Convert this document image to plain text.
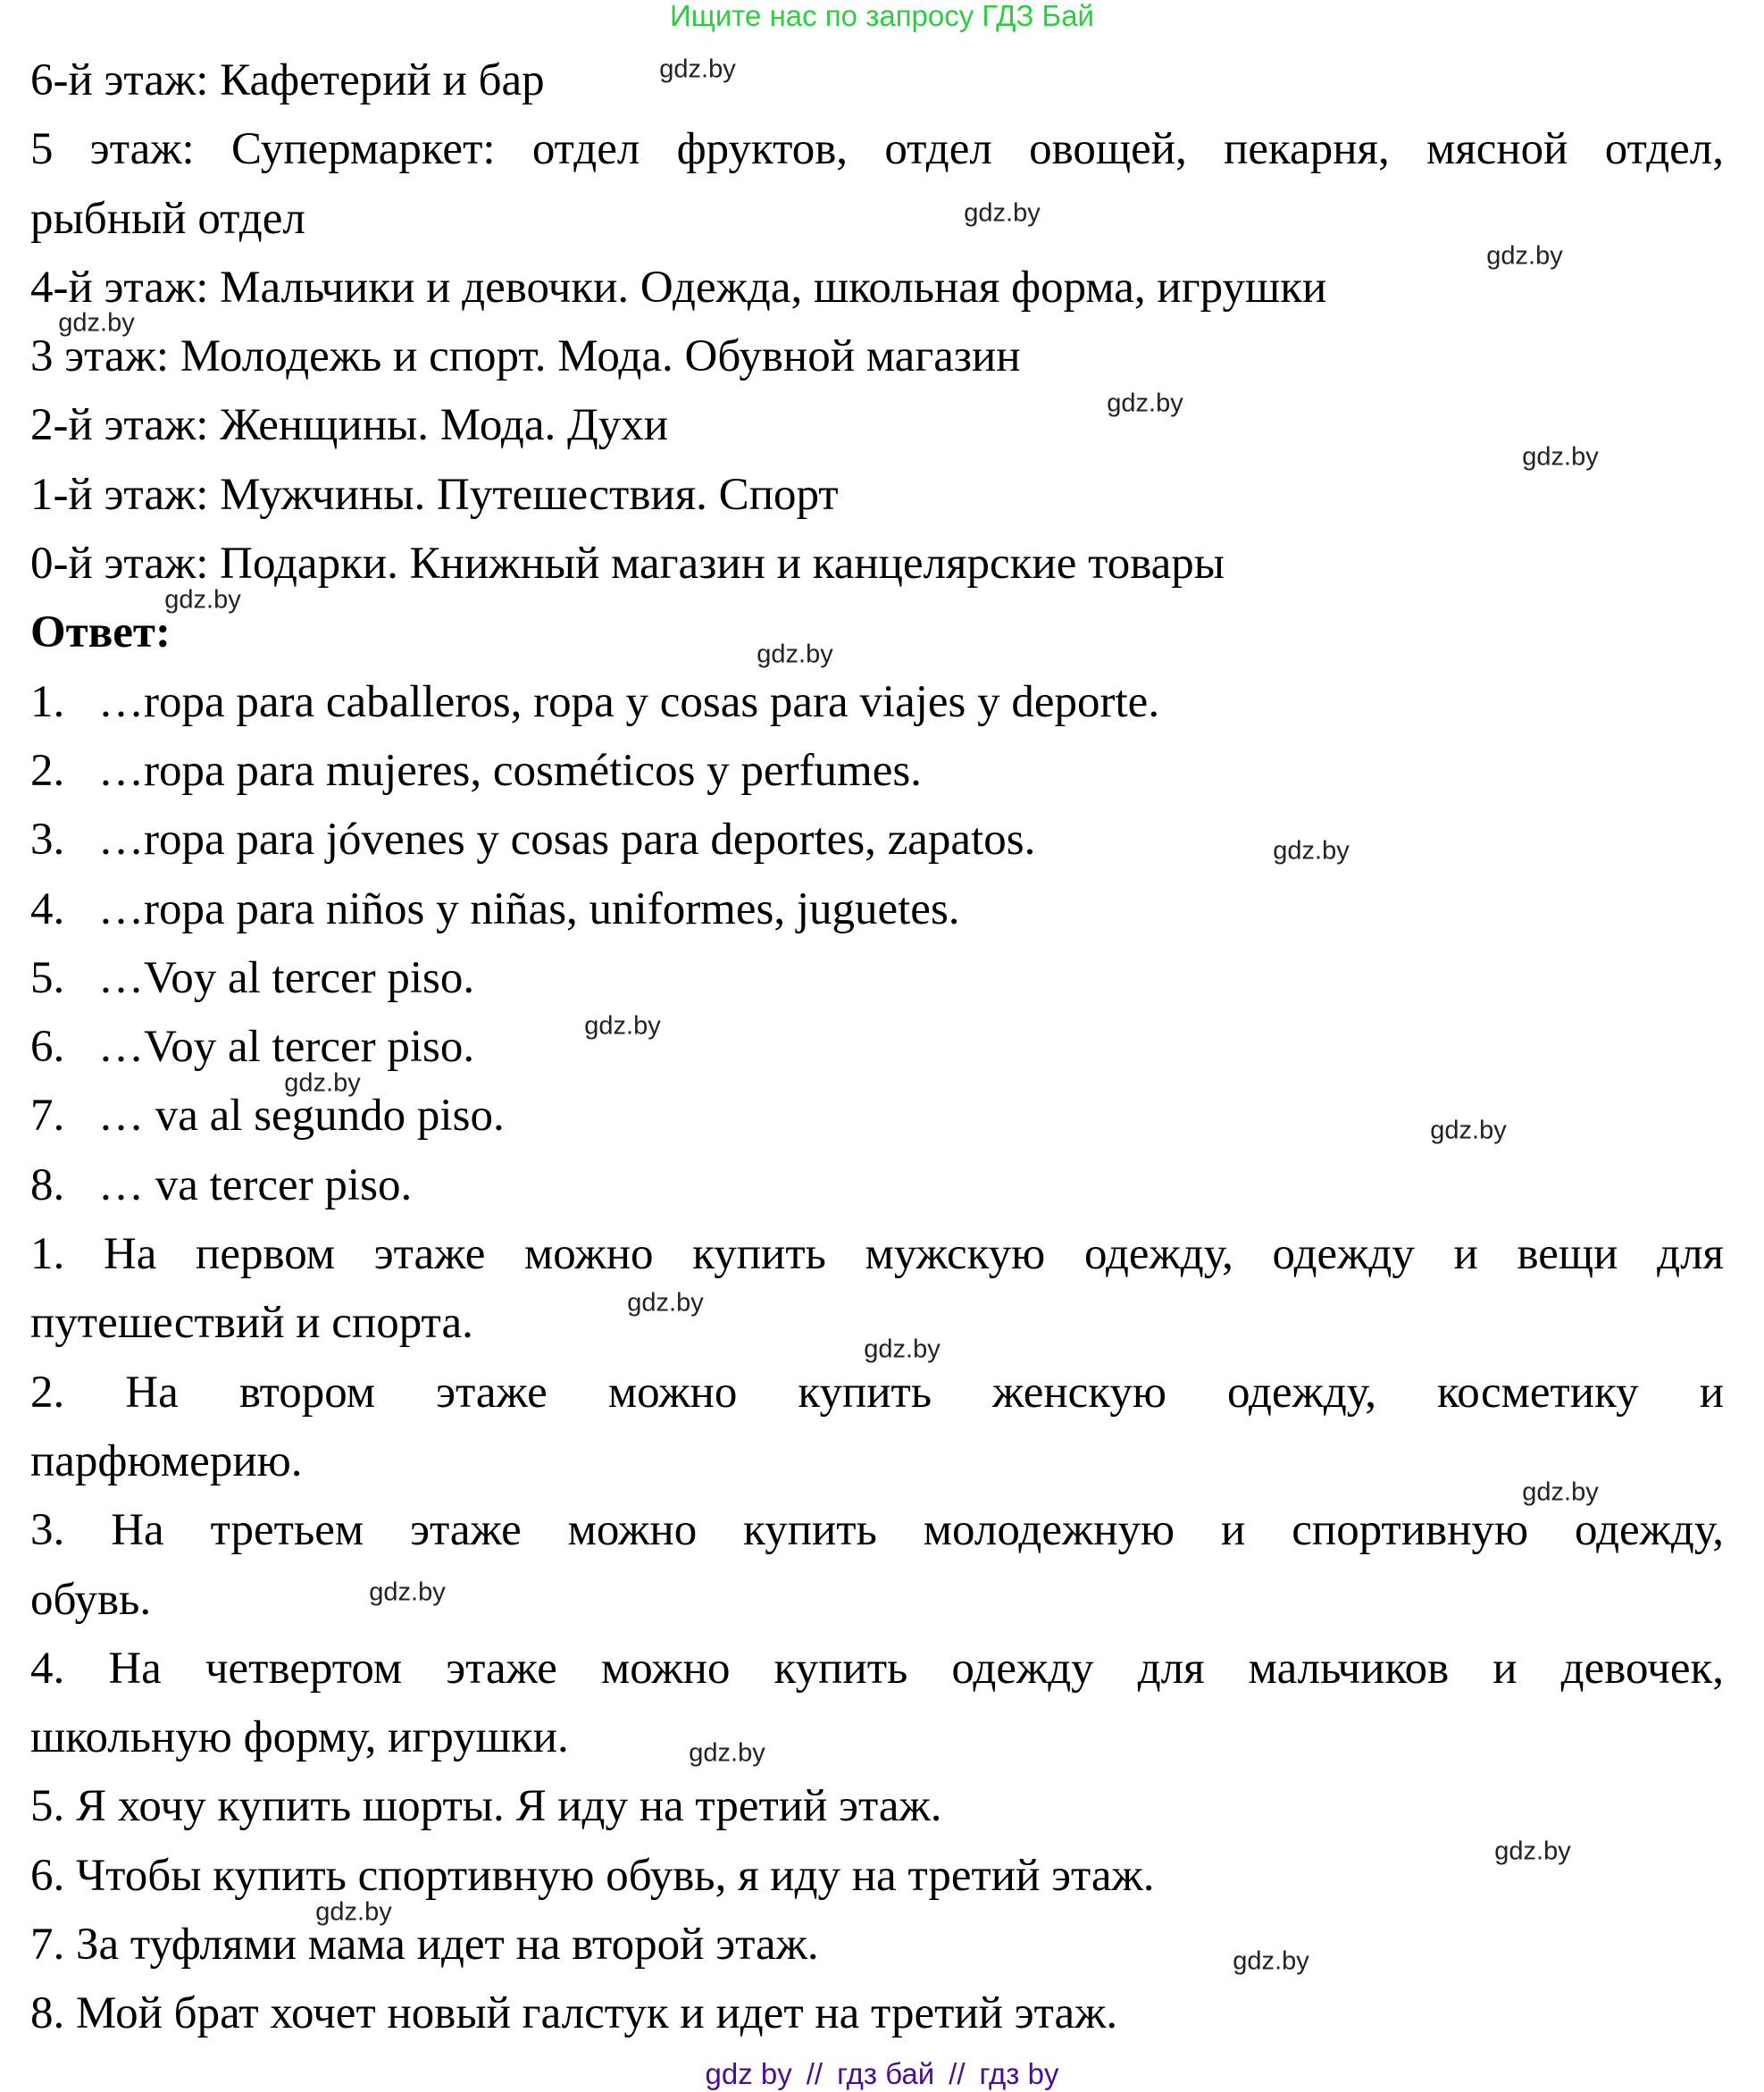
Ищите нас по запросу ГДЗ Бай
6-й этаж: Кафетерий и бар
5 этаж: Супермаркет: отдел фруктов, отдел овощей, пекарня, мясной отдел,
рыбный отдел
4-й этаж: Мальчики и девочки. Одежда, школьная форма, игрушки
3 этаж: Молодежь и спорт. Мода. Обувной магазин
2-й этаж: Женщины. Мода. Духи
1-й этаж: Мужчины. Путешествия. Спорт
0-й этаж: Подарки. Книжный магазин и канцелярские товары
Ответ:
1. …ropa para caballeros, ropa y cosas para viajes y deporte.
2. …ropa para mujeres, cosméticos y perfumes.
3. …ropa para jóvenes y cosas para deportes, zapatos.
4. …ropa para niños y niñas, uniformes, juguetes.
5. …Voy al tercer piso.
6. …Voy al tercer piso.
7. … va al segundo piso.
8. … va tercer piso.
1. На первом этаже можно купить мужскую одежду, одежду и вещи для
путешествий и спорта.
2. На втором этаже можно купить женскую одежду, косметику и
парфюмерию.
3. На третьем этаже можно купить молодежную и спортивную одежду,
обувь.
4. На четвертом этаже можно купить одежду для мальчиков и девочек,
школьную форму, игрушки.
5. Я хочу купить шорты. Я иду на третий этаж.
6. Чтобы купить спортивную обувь, я иду на третий этаж.
7. За туфлями мама идет на второй этаж.
8. Мой брат хочет новый галстук и идет на третий этаж.
gdz.by
gdz.by
gdz.by
gdz.by
gdz.by
gdz.by
gdz.by
gdz.by
gdz.by
gdz.by
gdz.by
gdz.by
gdz.by
gdz.by
gdz.by
gdz.by
gdz.by
gdz.by
gdz.by
gdz.by
gdz by // гдз бай // гдз by
